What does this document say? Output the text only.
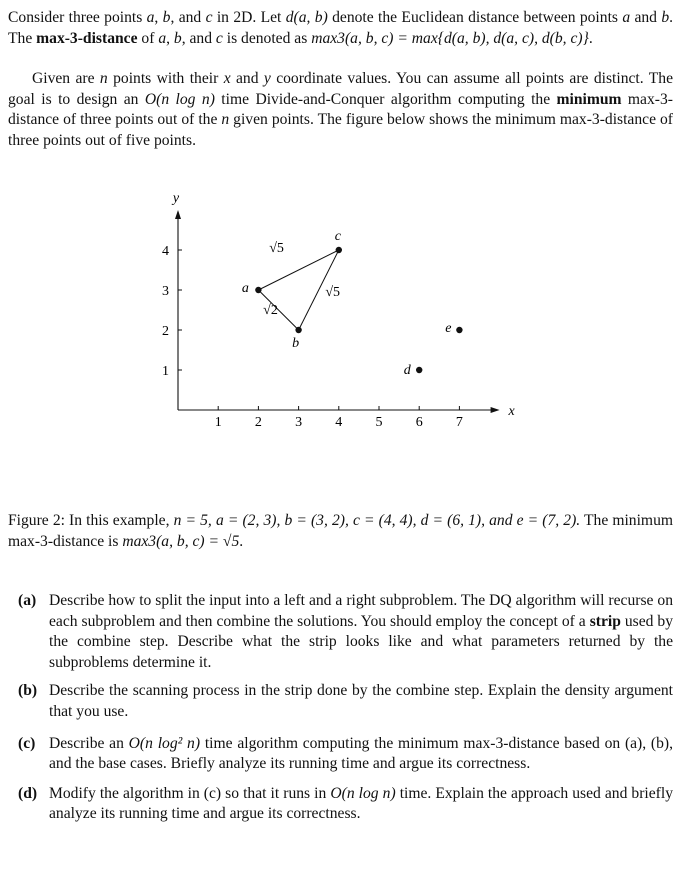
Consider three points a, b, and c in 2D. Let d(a, b) denote the Euclidean distance between points a and b. The max-3-distance of a, b, and c is denoted as max3(a, b, c) = max{d(a, b), d(a, c), d(b, c)}.

Given are n points with their x and y coordinate values. You can assume all points are distinct. The goal is to design an O(n log n) time Divide-and-Conquer algorithm computing the minimum max-3-distance of three points out of the n given points. The figure below shows the minimum max-3-distance of three points out of five points.

x
y
1 2 3 4 5 6 7
1
2
3
4	√5
√5
√2
a
b
c
d
e

Figure 2: In this example, n = 5, a = (2, 3), b = (3, 2), c = (4, 4), d = (6, 1), and e = (7, 2). The minimum max-3-distance is max3(a, b, c) = √5.

(a) Describe how to split the input into a left and a right subproblem. The DQ algorithm will recurse on each subproblem and then combine the solutions. You should employ the concept of a strip used by the combine step. Describe what the strip looks like and what parameters returned by the subproblems determine it.
(b) Describe the scanning process in the strip done by the combine step. Explain the density argument that you use.
(c) Describe an O(n log² n) time algorithm computing the minimum max-3-distance based on (a), (b), and the base cases. Briefly analyze its running time and argue its correctness.
(d) Modify the algorithm in (c) so that it runs in O(n log n) time. Explain the approach used and briefly analyze its running time and argue its correctness.
